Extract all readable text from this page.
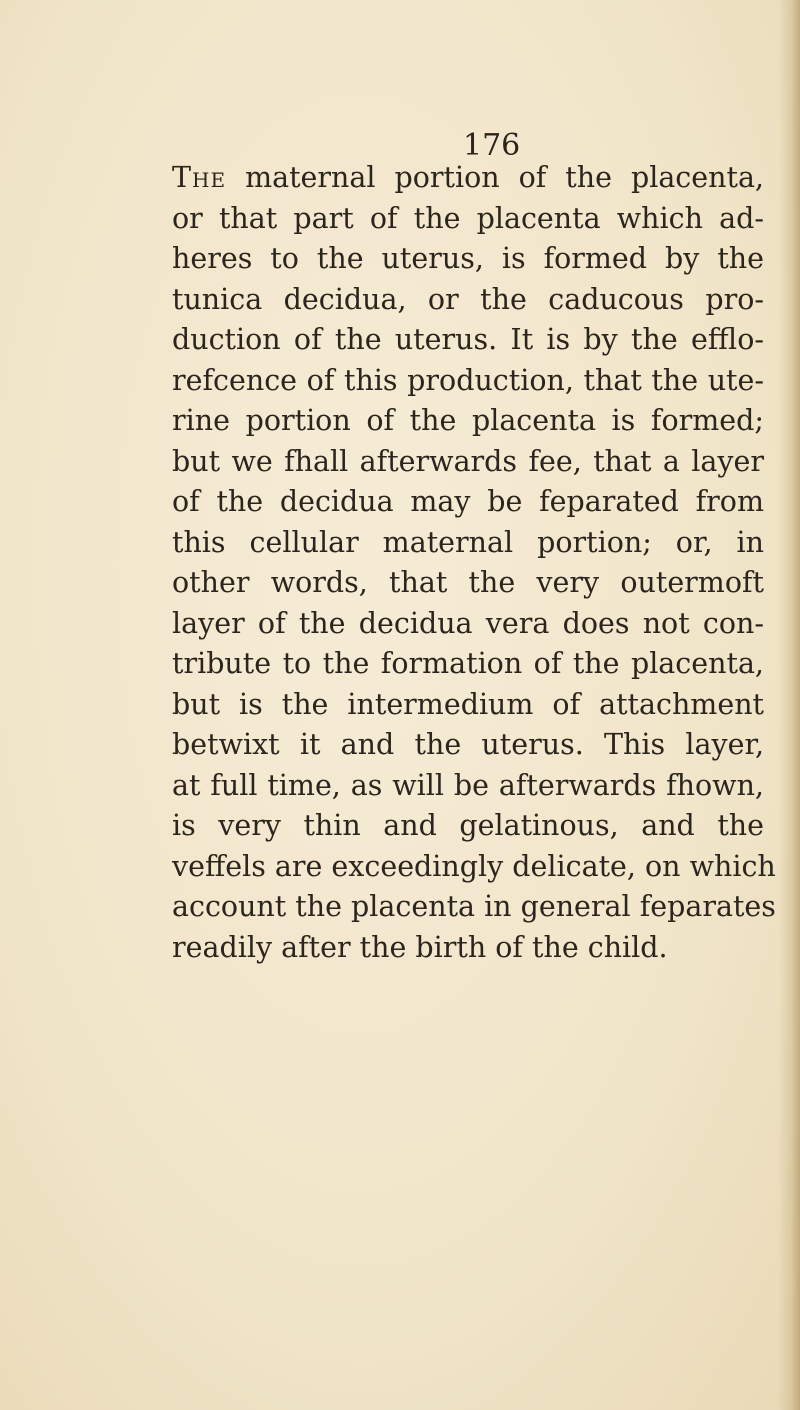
176

The maternal portion of the placenta,
or that part of the placenta which ad-
heres to the uterus, is formed by the
tunica decidua, or the caducous pro-
duction of the uterus. It is by the efflo-
refcence of this production, that the ute-
rine portion of the placenta is formed;
but we fhall afterwards fee, that a layer
of the decidua may be feparated from
this cellular maternal portion; or, in
other words, that the very outermoft
layer of the decidua vera does not con-
tribute to the formation of the placenta,
but is the intermedium of attachment
betwixt it and the uterus. This layer,
at full time, as will be afterwards fhown,
is very thin and gelatinous, and the
veffels are exceedingly delicate, on which
account the placenta in general feparates
readily after the birth of the child.
